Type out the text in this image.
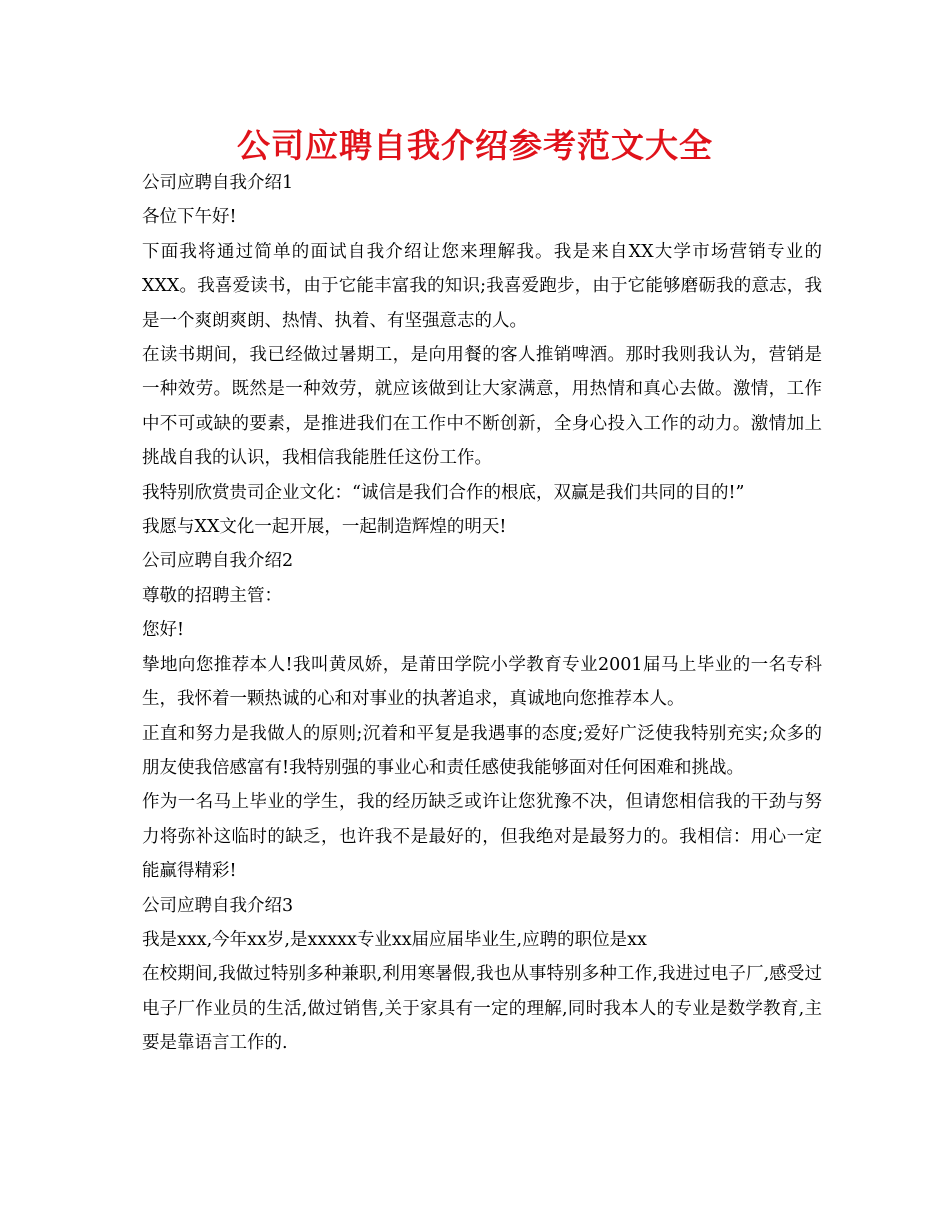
公司应聘自我介绍参考范文大全

公司应聘自我介绍1

各位下午好!

下面我将通过简单的面试自我介绍让您来理解我。我是来自XX大学市场营销专业的XXX。我喜爱读书，由于它能丰富我的知识;我喜爱跑步，由于它能够磨砺我的意志，我是一个爽朗爽朗、热情、执着、有坚强意志的人。

在读书期间，我已经做过暑期工，是向用餐的客人推销啤酒。那时我则我认为，营销是一种效劳。既然是一种效劳，就应该做到让大家满意，用热情和真心去做。激情，工作中不可或缺的要素，是推进我们在工作中不断创新，全身心投入工作的动力。激情加上挑战自我的认识，我相信我能胜任这份工作。

我特别欣赏贵司企业文化：“诚信是我们合作的根底，双赢是我们共同的目的!”

我愿与XX文化一起开展，一起制造辉煌的明天!

公司应聘自我介绍2

尊敬的招聘主管：

您好!

挚地向您推荐本人!我叫黄凤娇，是莆田学院小学教育专业2001届马上毕业的一名专科生，我怀着一颗热诚的心和对事业的执著追求，真诚地向您推荐本人。

正直和努力是我做人的原则;沉着和平复是我遇事的态度;爱好广泛使我特别充实;众多的朋友使我倍感富有!我特别强的事业心和责任感使我能够面对任何困难和挑战。

作为一名马上毕业的学生，我的经历缺乏或许让您犹豫不决，但请您相信我的干劲与努力将弥补这临时的缺乏，也许我不是最好的，但我绝对是最努力的。我相信：用心一定能赢得精彩!

公司应聘自我介绍3

我是xxx,今年xx岁,是xxxxx专业xx届应届毕业生,应聘的职位是xx

在校期间,我做过特别多种兼职,利用寒暑假,我也从事特别多种工作,我进过电子厂,感受过电子厂作业员的生活,做过销售,关于家具有一定的理解,同时我本人的专业是数学教育,主要是靠语言工作的.
